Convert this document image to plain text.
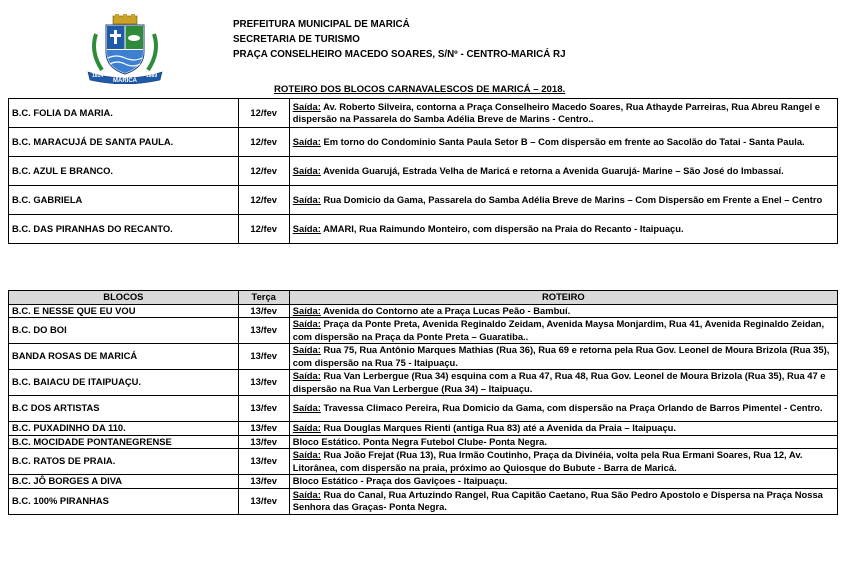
1814	1889
MARICÁ
PREFEITURA MUNICIPAL DE MARICÁ
SECRETARIA DE TURISMO
PRAÇA CONSELHEIRO MACEDO SOARES, S/Nº - CENTRO-MARICÁ RJ
ROTEIRO DOS BLOCOS CARNAVALESCOS DE MARICÁ – 2018.
B.C. FOLIA DA MARIA.	12/fev	Saída: Av. Roberto Silveira, contorna a Praça Conselheiro Macedo Soares, Rua Athayde Parreiras, Rua Abreu Rangel e dispersão na Passarela do Samba Adélia Breve de Marins - Centro..
B.C. MARACUJÁ DE SANTA PAULA.	12/fev	Saída: Em torno do Condominio Santa Paula Setor B – Com dispersão em frente ao Sacolão do Tatai - Santa Paula.
B.C. AZUL E BRANCO.	12/fev	Saída: Avenida Guarujá, Estrada Velha de Maricá e retorna a Avenida Guarujá- Marine – São José do Imbassaí.
B.C. GABRIELA	12/fev	Saída: Rua Domicio da Gama, Passarela do Samba Adélia Breve de Marins – Com Dispersão em Frente a Enel – Centro
B.C. DAS PIRANHAS DO RECANTO.	12/fev	Saída: AMARI, Rua Raimundo Monteiro, com dispersão na Praia do Recanto - Itaipuaçu.
BLOCOS	Terça	ROTEIRO
B.C. E NESSE QUE EU VOU	13/fev	Saída: Avenida do Contorno ate a Praça Lucas Peão - Bambuí.
B.C. DO BOI	13/fev	Saída: Praça da Ponte Preta, Avenida Reginaldo Zeidam, Avenida Maysa Monjardim, Rua 41, Avenida Reginaldo Zeidan, com dispersão na Praça da Ponte Preta – Guaratiba..
BANDA ROSAS DE MARICÁ	13/fev	Saída: Rua 75, Rua Antônio Marques Mathias (Rua 36), Rua 69 e retorna pela Rua Gov. Leonel de Moura Brizola (Rua 35), com dispersão na Rua 75 - Itaipuaçu.
B.C. BAIACU DE ITAIPUAÇU.	13/fev	Saída: Rua Van Lerbergue (Rua 34) esquina com a Rua 47, Rua 48, Rua Gov. Leonel de Moura Brizola (Rua 35), Rua 47 e dispersão na Rua Van Lerbergue (Rua 34) – Itaipuaçu.
B.C DOS ARTISTAS	13/fev	Saída: Travessa Climaco Pereira, Rua Domicio da Gama, com dispersão na Praça Orlando de Barros Pimentel - Centro.
B.C. PUXADINHO DA 110.	13/fev	Saída: Rua Douglas Marques Rienti (antiga Rua 83) até a Avenida da Praia – Itaipuaçu.
B.C. MOCIDADE PONTANEGRENSE	13/fev	Bloco Estático. Ponta Negra Futebol Clube- Ponta Negra.
B.C. RATOS DE PRAIA.	13/fev	Saída: Rua João Frejat (Rua 13), Rua Irmão Coutinho, Praça da Divinéia, volta pela Rua Ermani Soares, Rua 12, Av. Litorânea, com dispersão na praia, próximo ao Quiosque do Bubute - Barra de Maricá.
B.C. JÔ BORGES A DIVA	13/fev	Bloco Estático - Praça dos Gaviçoes - Itaipuaçu.
B.C. 100% PIRANHAS	13/fev	Saída: Rua do Canal, Rua Artuzindo Rangel, Rua Capitão Caetano, Rua São Pedro Apostolo e Dispersa na Praça Nossa Senhora das Graças- Ponta Negra.
